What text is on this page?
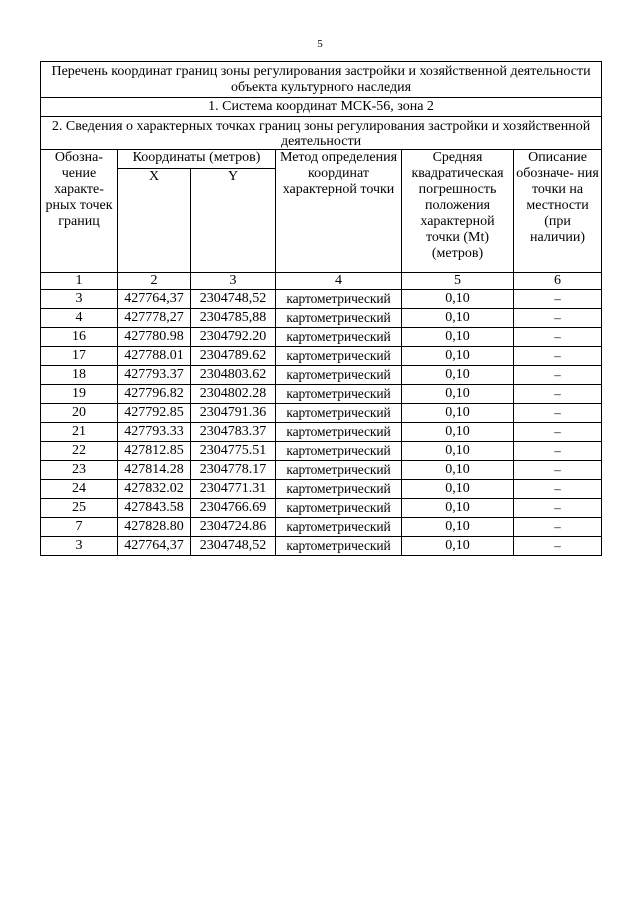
5
Перечень координат границ зоны регулирования застройки и хозяйственной деятельности объекта культурного наследия					
1. Система координат МСК-56, зона 2					
2. Сведения о характерных точках границ зоны регулирования застройки и хозяйственной деятельности					
Обозна- чение характе- рных точек границ	Координаты (метров)		Метод определения координат характерной точки	Средняя квадратическая погрешность положения характерной точки (Mt) (метров)	Описание обозначе- ния точки на местности (при наличии)
	X	Y			
1	2	3	4	5	6
3	427764,37	2304748,52	картометрический	0,10	–
4	427778,27	2304785,88	картометрический	0,10	–
16	427780.98	2304792.20	картометрический	0,10	–
17	427788.01	2304789.62	картометрический	0,10	–
18	427793.37	2304803.62	картометрический	0,10	–
19	427796.82	2304802.28	картометрический	0,10	–
20	427792.85	2304791.36	картометрический	0,10	–
21	427793.33	2304783.37	картометрический	0,10	–
22	427812.85	2304775.51	картометрический	0,10	–
23	427814.28	2304778.17	картометрический	0,10	–
24	427832.02	2304771.31	картометрический	0,10	–
25	427843.58	2304766.69	картометрический	0,10	–
7	427828.80	2304724.86	картометрический	0,10	–
3	427764,37	2304748,52	картометрический	0,10	–
